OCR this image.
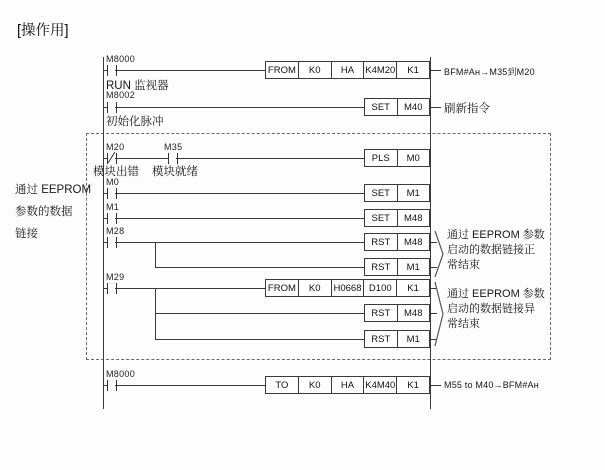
[操作用]
通过 EEPROM
参数的数据
链接
M8000
FROM	K0	HA	K4M20	K1
RUN 监视器
BFM#Aʜ→M35到M20
M8002
SET	M40
初始化脉冲
刷新指令
M20	M35
PLS	M0
模块出错 模块就绪
M0
SET	M1
M1
SET	M48
M28
RST	M48
RST	M1
通过 EEPROM 参数
启动的数据链接正
常结束
M29
FROM	K0	H0668 D100	K1
RST	M48
RST	M1
通过 EEPROM 参数
启动的数据链接异
常结束
M8000
TO	K0	HA	K4M40	K1	M55 to M40→BFM#Aʜ
